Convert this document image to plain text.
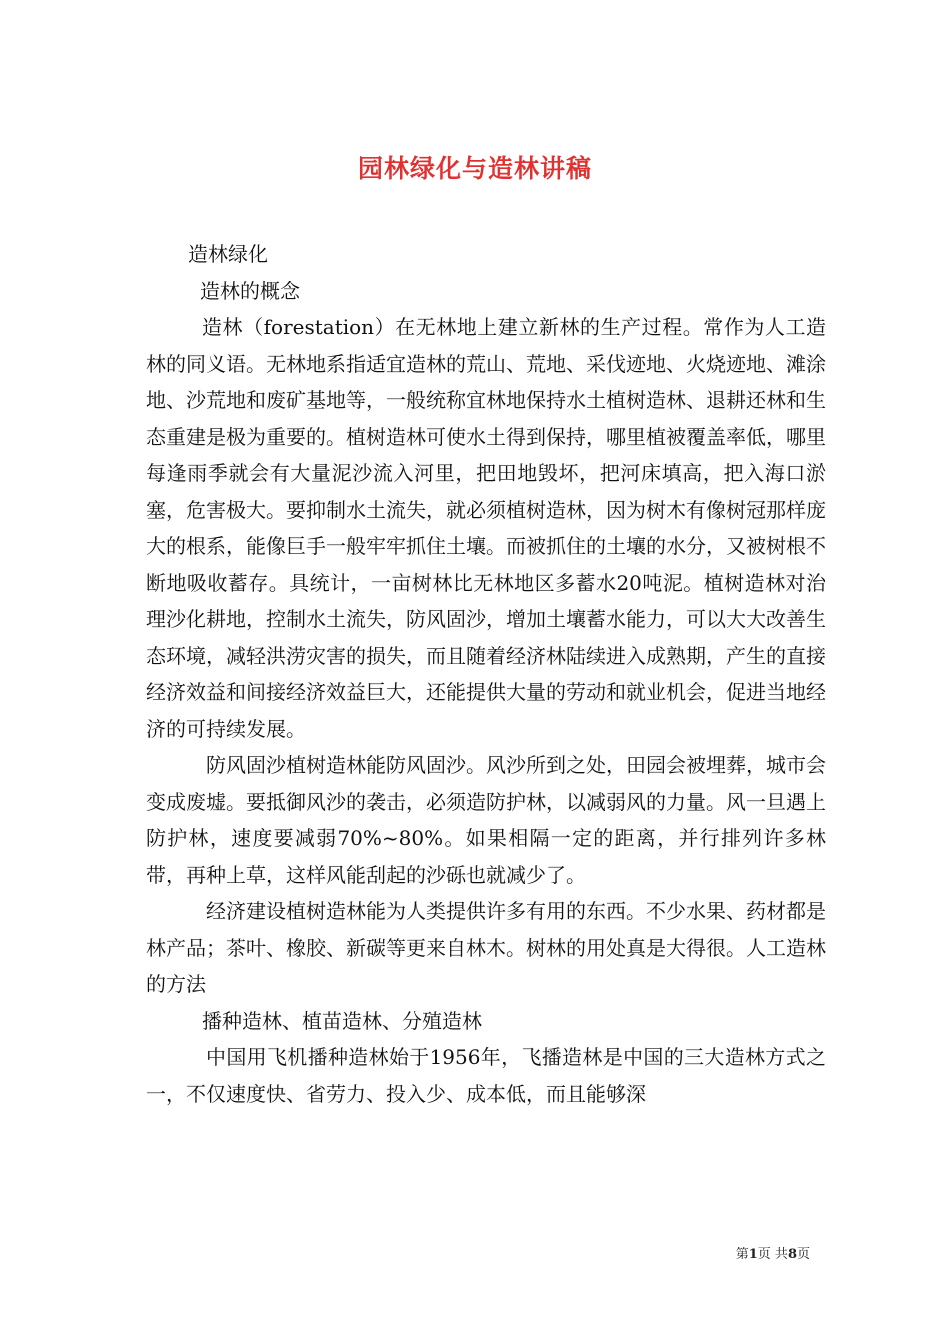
园林绿化与造林讲稿

造林绿化

造林的概念

造林（forestation）在无林地上建立新林的生产过程。常作为人工造林的同义语。无林地系指适宜造林的荒山、荒地、采伐迹地、火烧迹地、滩涂地、沙荒地和废矿基地等，一般统称宜林地保持水土植树造林、退耕还林和生态重建是极为重要的。植树造林可使水土得到保持，哪里植被覆盖率低，哪里每逢雨季就会有大量泥沙流入河里，把田地毁坏，把河床填高，把入海口淤塞，危害极大。要抑制水土流失，就必须植树造林，因为树木有像树冠那样庞大的根系，能像巨手一般牢牢抓住土壤。而被抓住的土壤的水分，又被树根不断地吸收蓄存。具统计，一亩树林比无林地区多蓄水20吨泥。植树造林对治理沙化耕地，控制水土流失，防风固沙，增加土壤蓄水能力，可以大大改善生态环境，减轻洪涝灾害的损失，而且随着经济林陆续进入成熟期，产生的直接经济效益和间接经济效益巨大，还能提供大量的劳动和就业机会，促进当地经济的可持续发展。

防风固沙植树造林能防风固沙。风沙所到之处，田园会被埋葬，城市会变成废墟。要抵御风沙的袭击，必须造防护林，以减弱风的力量。风一旦遇上防护林，速度要减弱70%~80%。如果相隔一定的距离，并行排列许多林带，再种上草，这样风能刮起的沙砾也就减少了。

经济建设植树造林能为人类提供许多有用的东西。不少水果、药材都是林产品；茶叶、橡胶、新碳等更来自林木。树林的用处真是大得很。人工造林的方法

播种造林、植苗造林、分殖造林

中国用飞机播种造林始于1956年，飞播造林是中国的三大造林方式之一，不仅速度快、省劳力、投入少、成本低，而且能够深

第1页 共8页
